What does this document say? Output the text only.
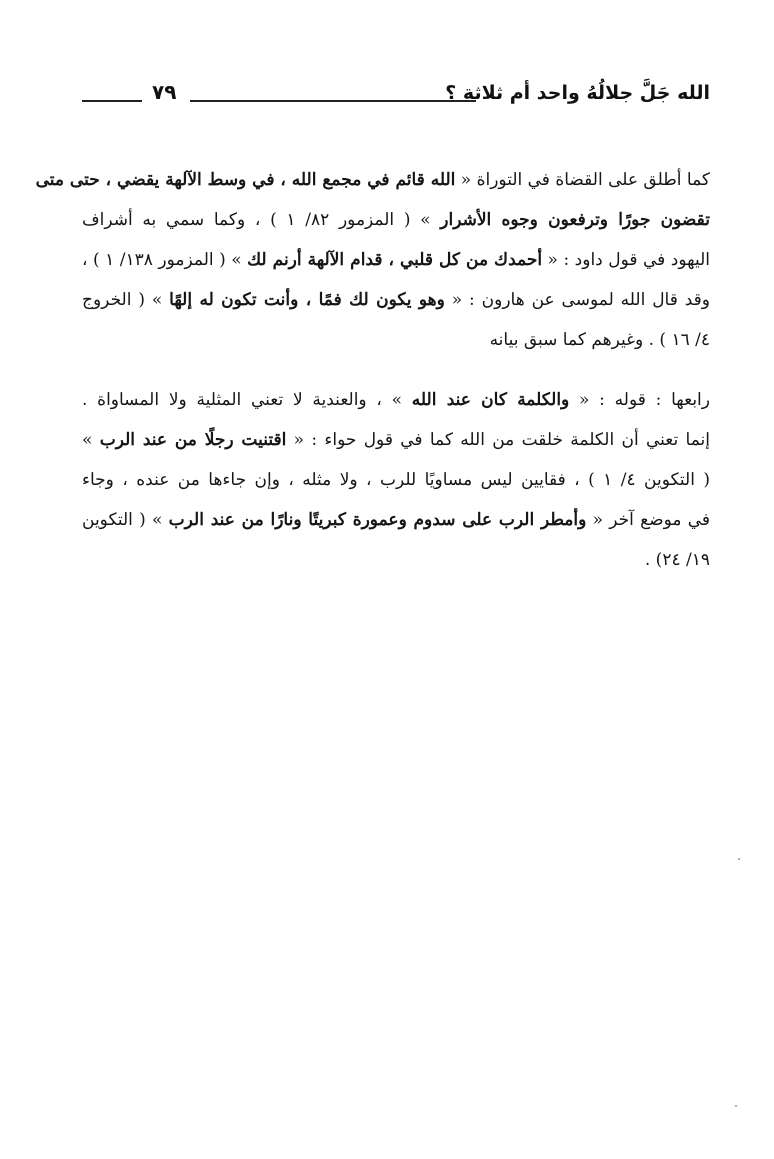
٧٩	الله جَلَّ جلالُهُ واحد أم ثلاثة ؟
كما أطلق على القضاة في التوراة « الله قائم في مجمع الله ، في وسط الآلهة يقضي ، حتى متى
تقضون جورًا وترفعون وجوه الأشرار » ( المزمور ٨٢/ ١ ) ، وكما سمي به أشراف
اليهود في قول داود : « أحمدك من كل قلبي ، قدام الآلهة أرنم لك » ( المزمور ١٣٨/ ١ ) ،
وقد قال الله لموسى عن هارون : « وهو يكون لك فمًا ، وأنت تكون له إلهًا » ( الخروج
٤/ ١٦ ) . وغيرهم كما سبق بيانه
رابعها : قوله : « والكلمة كان عند الله » ، والعندية لا تعني المثلية ولا المساواة .
إنما تعني أن الكلمة خلقت من الله كما في قول حواء : « اقتنيت رجلًا من عند الرب »
( التكوين ٤/ ١ ) ، فقايين ليس مساويًا للرب ، ولا مثله ، وإن جاءها من عنده ، وجاء
في موضع آخر « وأمطر الرب على سدوم وعمورة كبريتًا ونارًا من عند الرب » ( التكوين
١٩/ ٢٤) .
